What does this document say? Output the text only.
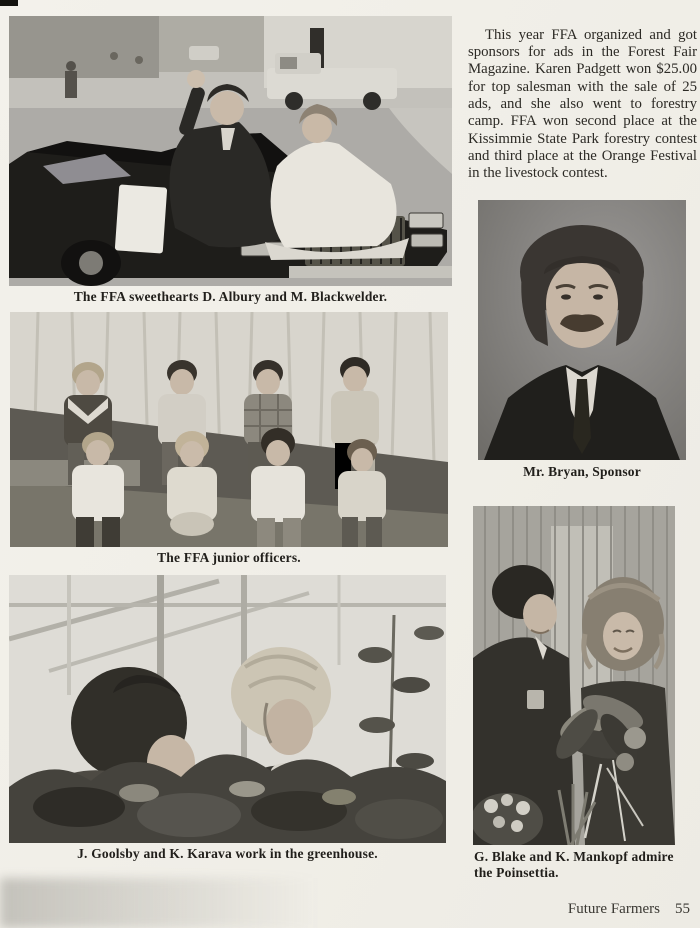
The FFA sweethearts D. Albury and M. Blackwelder.

This year FFA organized and got sponsors for ads in the Forest Fair Magazine. Karen Padgett won $25.00 for top salesman with the sale of 25 ads, and she also went to forestry camp. FFA won second place at the Kissimmie State Park forestry contest and third place at the Orange Festival in the livestock contest.

Mr. Bryan, Sponsor
The FFA junior officers.
J. Goolsby and K. Karava work in the greenhouse.	G. Blake and K. Mankopf admire the Poinsettia.
Future Farmers 55
